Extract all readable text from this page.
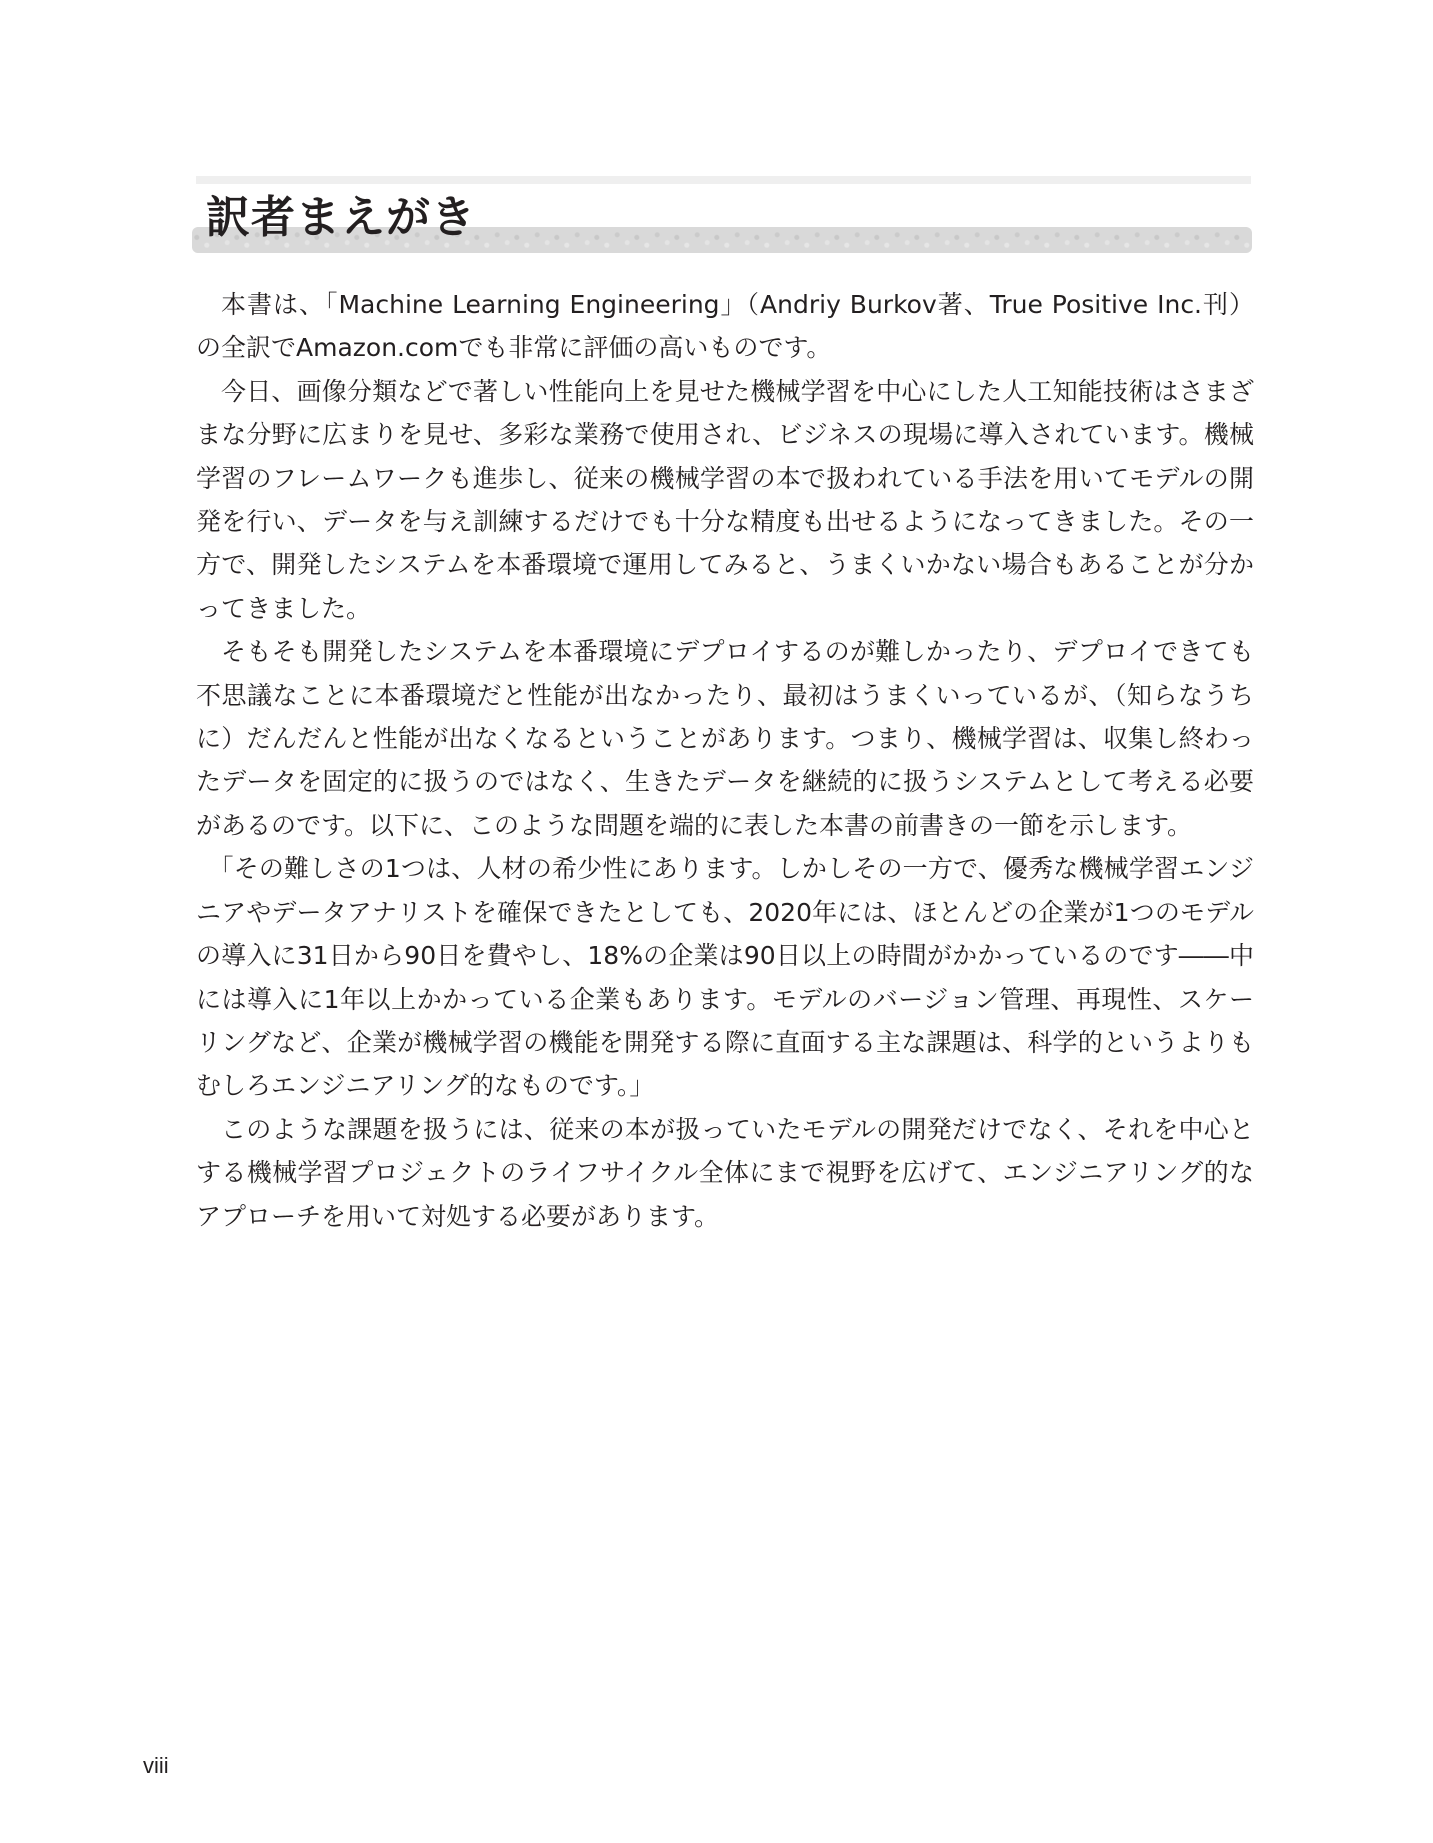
訳者まえがき

本書は、「Machine Learning Engineering」（Andriy Burkov著、True Positive Inc.刊）の全訳でAmazon.comでも非常に評価の高いものです。

今日、画像分類などで著しい性能向上を見せた機械学習を中心にした人工知能技術はさまざまな分野に広まりを見せ、多彩な業務で使用され、ビジネスの現場に導入されています。機械学習のフレームワークも進歩し、従来の機械学習の本で扱われている手法を用いてモデルの開発を行い、データを与え訓練するだけでも十分な精度も出せるようになってきました。その一方で、開発したシステムを本番環境で運用してみると、うまくいかない場合もあることが分かってきました。

そもそも開発したシステムを本番環境にデプロイするのが難しかったり、デプロイできても不思議なことに本番環境だと性能が出なかったり、最初はうまくいっているが、（知らなうちに）だんだんと性能が出なくなるということがあります。つまり、機械学習は、収集し終わったデータを固定的に扱うのではなく、生きたデータを継続的に扱うシステムとして考える必要があるのです。以下に、このような問題を端的に表した本書の前書きの一節を示します。

「その難しさの1つは、人材の希少性にあります。しかしその一方で、優秀な機械学習エンジニアやデータアナリストを確保できたとしても、2020年には、ほとんどの企業が1つのモデルの導入に31日から90日を費やし、18%の企業は90日以上の時間がかかっているのです――中には導入に1年以上かかっている企業もあります。モデルのバージョン管理、再現性、スケーリングなど、企業が機械学習の機能を開発する際に直面する主な課題は、科学的というよりもむしろエンジニアリング的なものです。」

このような課題を扱うには、従来の本が扱っていたモデルの開発だけでなく、それを中心とする機械学習プロジェクトのライフサイクル全体にまで視野を広げて、エンジニアリング的なアプローチを用いて対処する必要があります。

viii
